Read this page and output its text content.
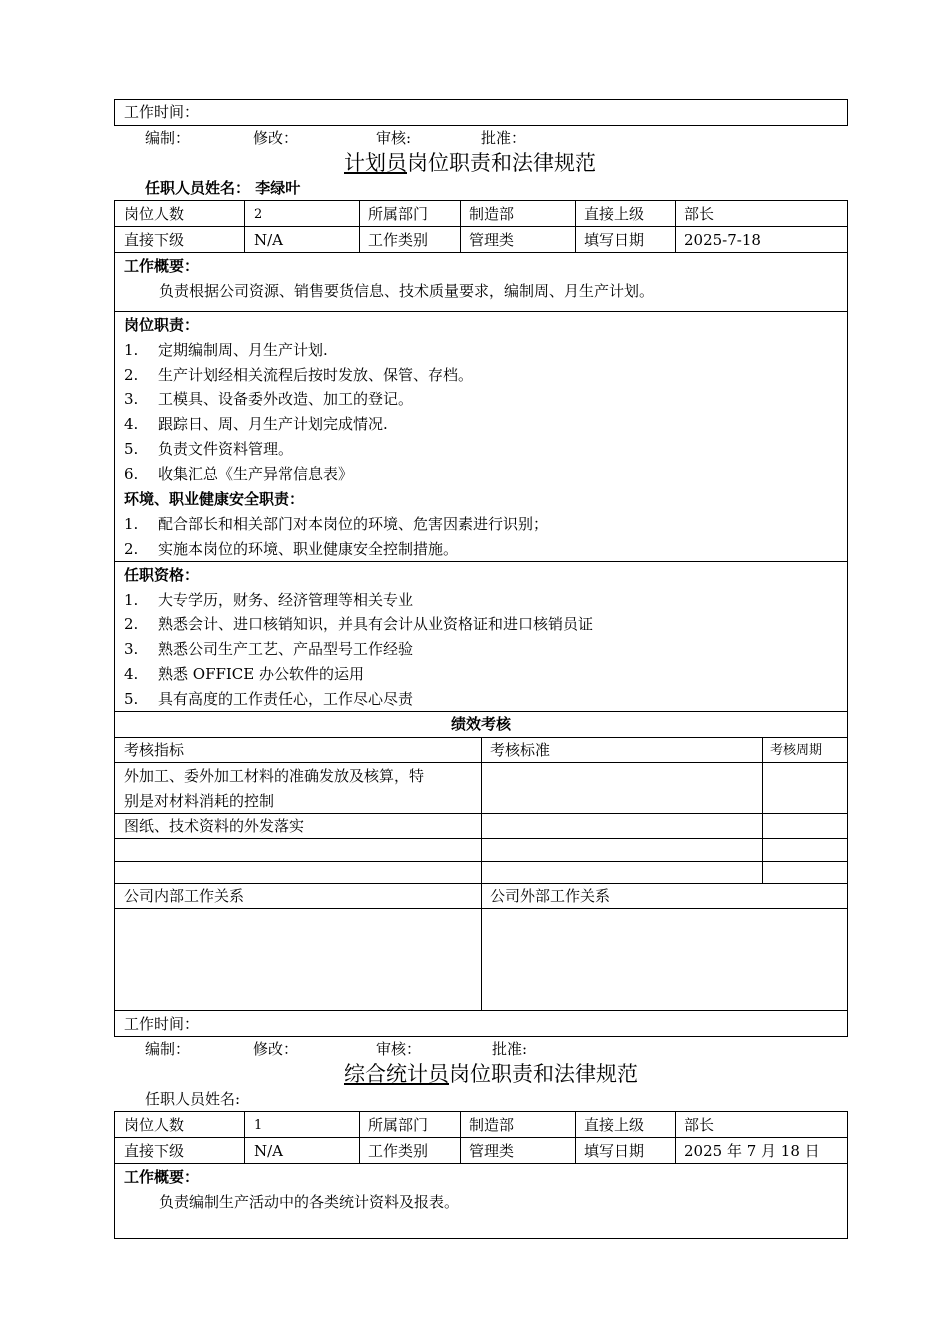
工作时间：
编制：	修改：	审核:	批准：
计划员岗位职责和法律规范
任职人员姓名： 李绿叶
岗位人数	2	所属部门	制造部	直接上级	部长
直接下级	N/A	工作类别	管理类	填写日期	2025-7-18
工作概要：
负责根据公司资源、销售要货信息、技术质量要求，编制周、月生产计划。
岗位职责：
1. 定期编制周、月生产计划.
2. 生产计划经相关流程后按时发放、保管、存档。
3. 工模具、设备委外改造、加工的登记。
4. 跟踪日、周、月生产计划完成情况.
5. 负责文件资料管理。
6. 收集汇总《生产异常信息表》
环境、职业健康安全职责：
1. 配合部长和相关部门对本岗位的环境、危害因素进行识别；
2. 实施本岗位的环境、职业健康安全控制措施。
任职资格：
1. 大专学历，财务、经济管理等相关专业
2. 熟悉会计、进口核销知识，并具有会计从业资格证和进口核销员证
3. 熟悉公司生产工艺、产品型号工作经验
4. 熟悉 OFFICE 办公软件的运用
5. 具有高度的工作责任心，工作尽心尽责
绩效考核
考核指标	考核标准	考核周期
外加工、委外加工材料的准确发放及核算，特
别是对材料消耗的控制
图纸、技术资料的外发落实
公司内部工作关系	公司外部工作关系
工作时间：
编制：	修改：	审核：	批准:
综合统计员岗位职责和法律规范
任职人员姓名:
岗位人数	1	所属部门	制造部	直接上级	部长
直接下级	N/A	工作类别	管理类	填写日期	2025 年 7 月 18 日
工作概要：
负责编制生产活动中的各类统计资料及报表。
